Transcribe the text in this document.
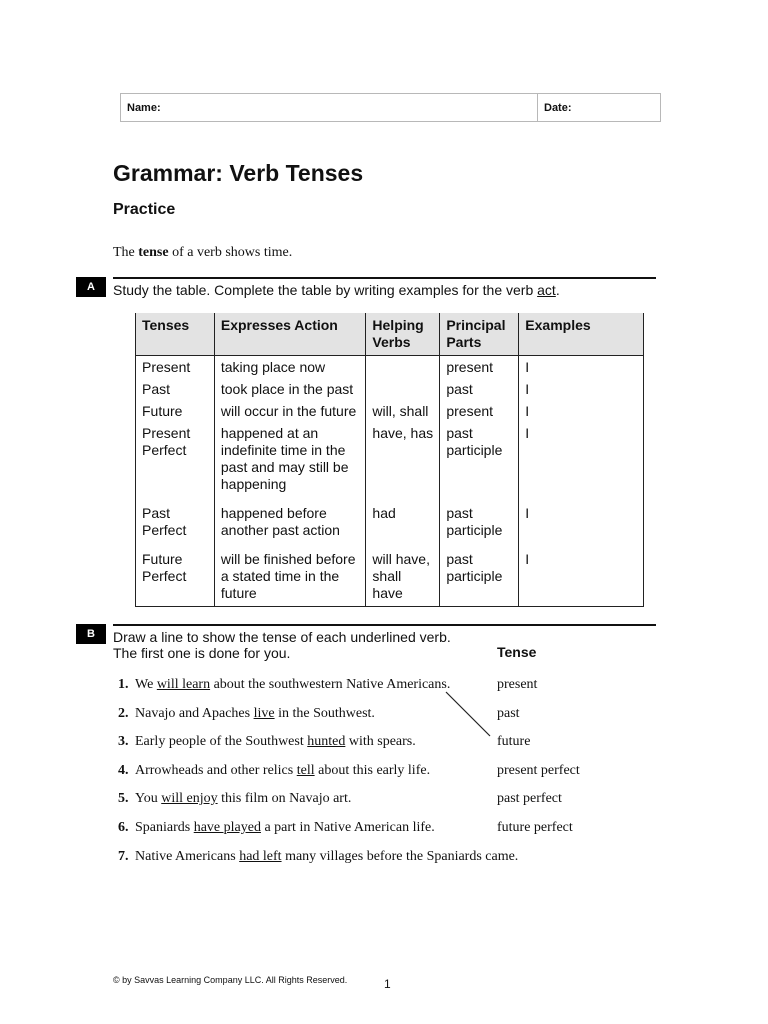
Name:	Date:
Grammar: Verb Tenses
Practice
The tense of a verb shows time.
A	Study the table. Complete the table by writing examples for the verb act.
Tenses	Expresses Action	Helping Verbs	Principal Parts	Examples
Present	taking place now		present	I
Past	took place in the past		past	I
Future	will occur in the future	will, shall	present	I
Present Perfect	happened at an indefinite time in the past and may still be happening	have, has	past participle	I
Past Perfect	happened before another past action	had	past participle	I
Future Perfect	will be finished before a stated time in the future	will have, shall have	past participle	I
B	Draw a line to show the tense of each underlined verb.
The first one is done for you.	Tense
1. We will learn about the southwestern Native Americans.
2. Navajo and Apaches live in the Southwest.
3. Early people of the Southwest hunted with spears.
4. Arrowheads and other relics tell about this early life.
5. You will enjoy this film on Navajo art.
6. Spaniards have played a part in Native American life.
7. Native Americans had left many villages before the Spaniards came.
present
past
future
present perfect
past perfect
future perfect
© by Savvas Learning Company LLC. All Rights Reserved.	1
